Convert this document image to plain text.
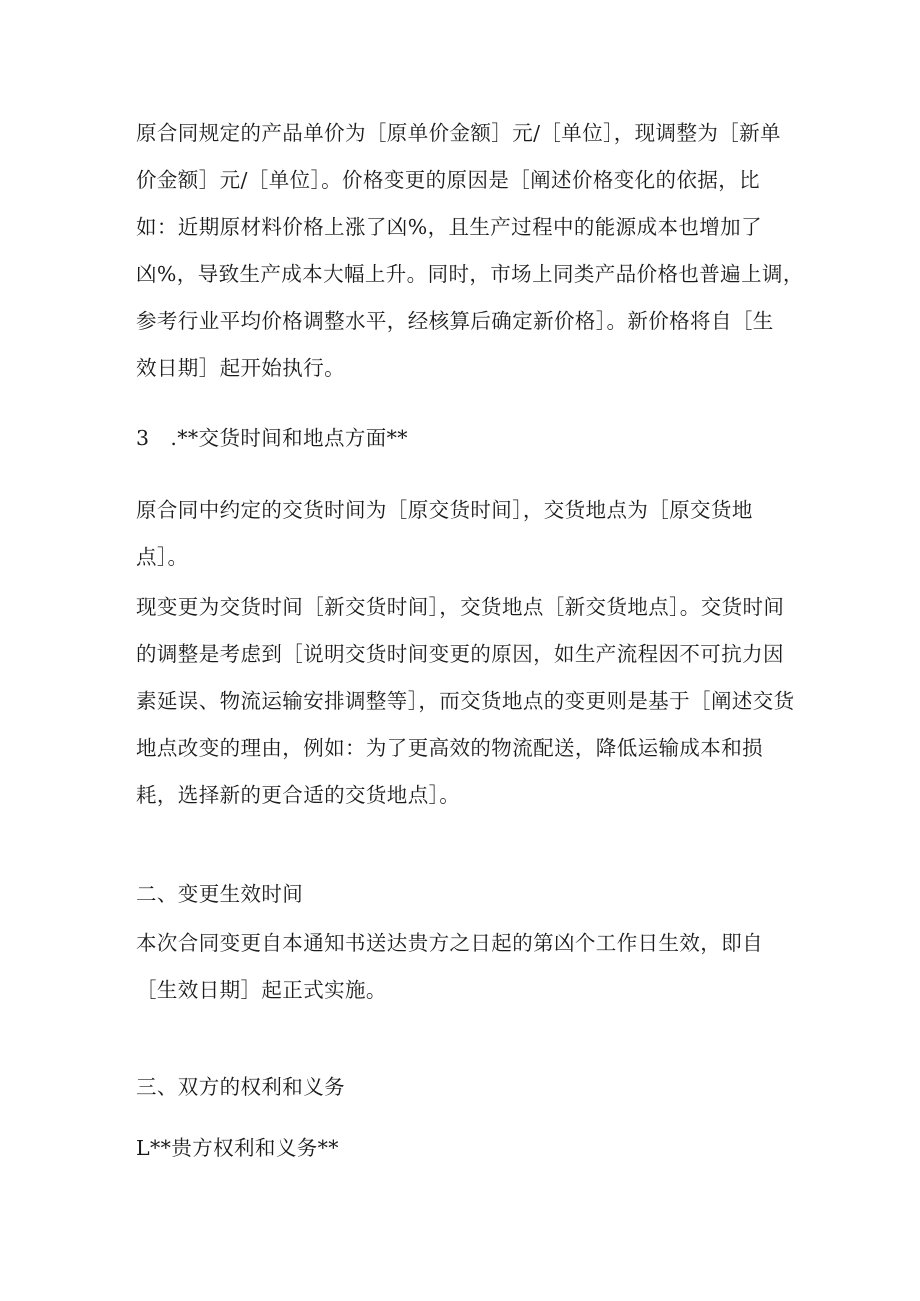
原合同规定的产品单价为［原单价金额］元/［单位］，现调整为［新单
价金额］元/［单位］。价格变更的原因是［阐述价格变化的依据，比
如：近期原材料价格上涨了凶%，且生产过程中的能源成本也增加了
凶%，导致生产成本大幅上升。同时，市场上同类产品价格也普遍上调，
参考行业平均价格调整水平，经核算后确定新价格］。新价格将自［生
效日期］起开始执行。
3　.**交货时间和地点方面**
原合同中约定的交货时间为［原交货时间］，交货地点为［原交货地
点］。
现变更为交货时间［新交货时间］，交货地点［新交货地点］。交货时间
的调整是考虑到［说明交货时间变更的原因，如生产流程因不可抗力因
素延误、物流运输安排调整等］，而交货地点的变更则是基于［阐述交货
地点改变的理由，例如：为了更高效的物流配送，降低运输成本和损
耗，选择新的更合适的交货地点］。
二、变更生效时间
本次合同变更自本通知书送达贵方之日起的第凶个工作日生效，即自
［生效日期］起正式实施。
三、双方的权利和义务
L**贵方权利和义务**
